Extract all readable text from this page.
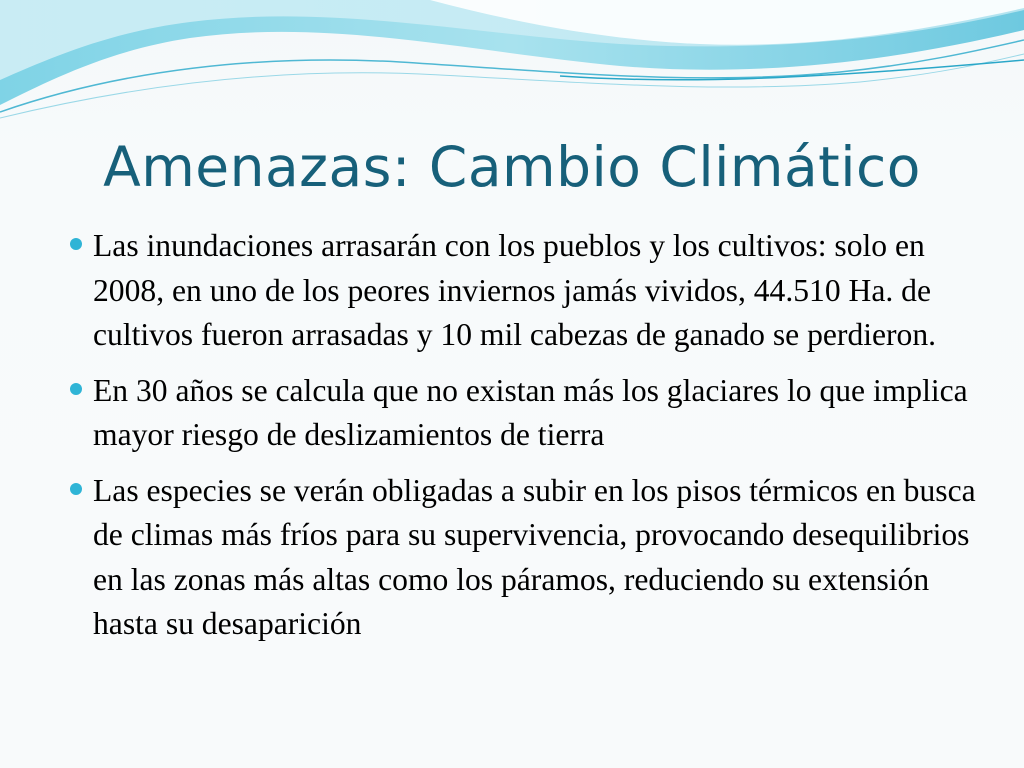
Amenazas: Cambio Climático
Las inundaciones arrasarán con los pueblos y los cultivos: solo en 2008, en uno de los peores inviernos jamás vividos, 44.510 Ha. de cultivos fueron arrasadas y 10 mil cabezas de ganado se perdieron.
En 30 años se calcula que no existan más los glaciares lo que implica mayor riesgo de deslizamientos de tierra
Las especies se verán obligadas a subir en los pisos térmicos en busca de climas más fríos para su supervivencia, provocando desequilibrios en las zonas más altas como los páramos, reduciendo su extensión hasta su desaparición
